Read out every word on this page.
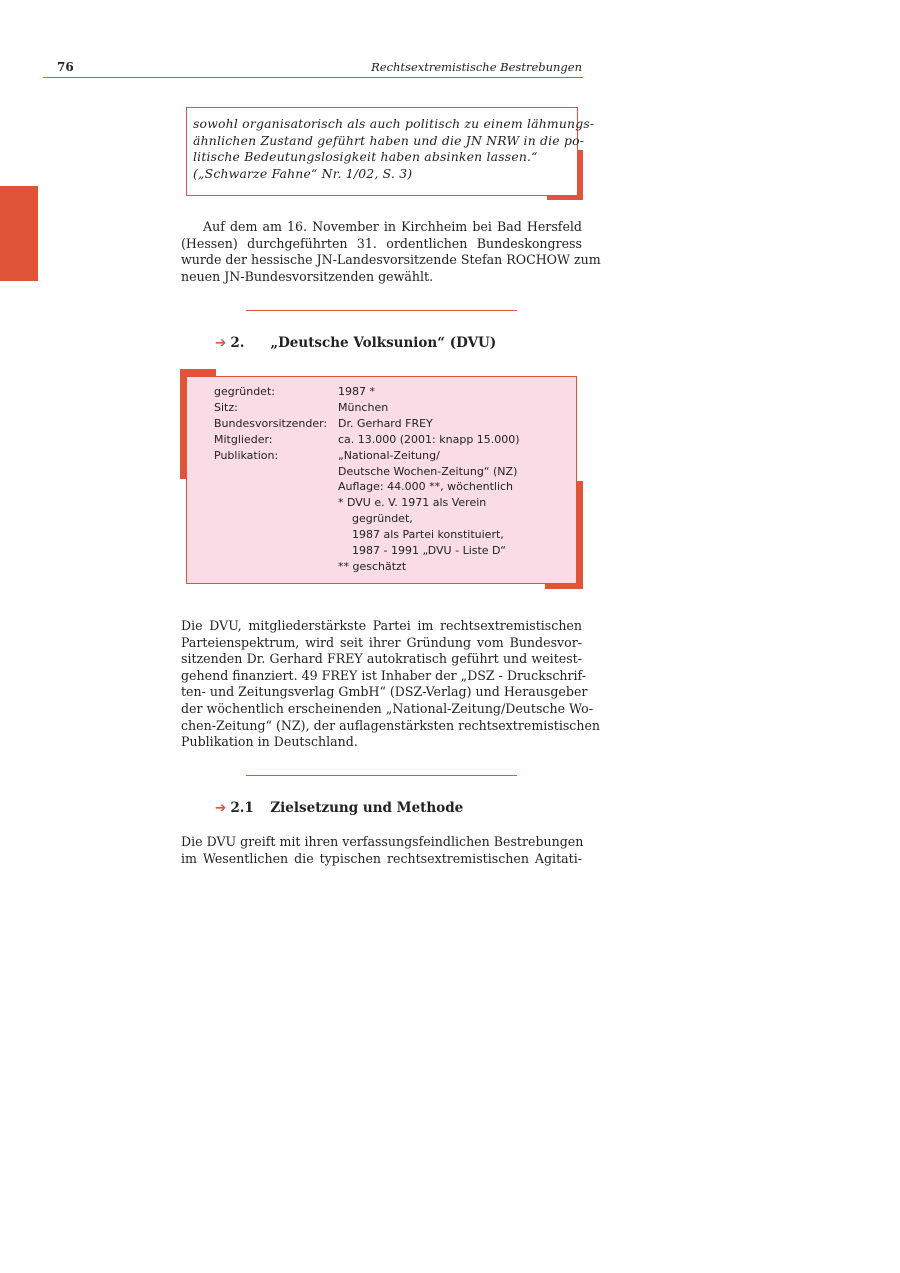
76	Rechtsextremistische Bestrebungen
sowohl organisatorisch als auch politisch zu einem lähmungs-
ähnlichen Zustand geführt haben und die JN NRW in die po-
litische Bedeutungslosigkeit haben absinken lassen.“
(„Schwarze Fahne“ Nr. 1/02, S. 3)
Auf dem am 16. November in Kirchheim bei Bad Hersfeld
(Hessen) durchgeführten 31. ordentlichen Bundeskongress
wurde der hessische JN-Landesvorsitzende Stefan ROCHOW zum
neuen JN-Bundesvorsitzenden gewählt.
➔ 2. „Deutsche Volksunion“ (DVU)
gegründet:
Sitz:
Bundesvorsitzender:
Mitglieder:
Publikation:
1987 *
München
Dr. Gerhard FREY
ca. 13.000 (2001: knapp 15.000)
„National-Zeitung/
Deutsche Wochen-Zeitung“ (NZ)
Auflage: 44.000 **, wöchentlich
* DVU e. V. 1971 als Verein
gegründet,
1987 als Partei konstituiert,
1987 - 1991 „DVU - Liste D“
** geschätzt
Die DVU, mitgliederstärkste Partei im rechtsextremistischen
Parteienspektrum, wird seit ihrer Gründung vom Bundesvor-
sitzenden Dr. Gerhard FREY autokratisch geführt und weitest-
gehend finanziert. 49 FREY ist Inhaber der „DSZ - Druckschrif-
ten- und Zeitungsverlag GmbH“ (DSZ-Verlag) und Herausgeber
der wöchentlich erscheinenden „National-Zeitung/Deutsche Wo-
chen-Zeitung“ (NZ), der auflagenstärksten rechtsextremistischen
Publikation in Deutschland.
➔ 2.1 Zielsetzung und Methode
Die DVU greift mit ihren verfassungsfeindlichen Bestrebungen
im Wesentlichen die typischen rechtsextremistischen Agitati-
